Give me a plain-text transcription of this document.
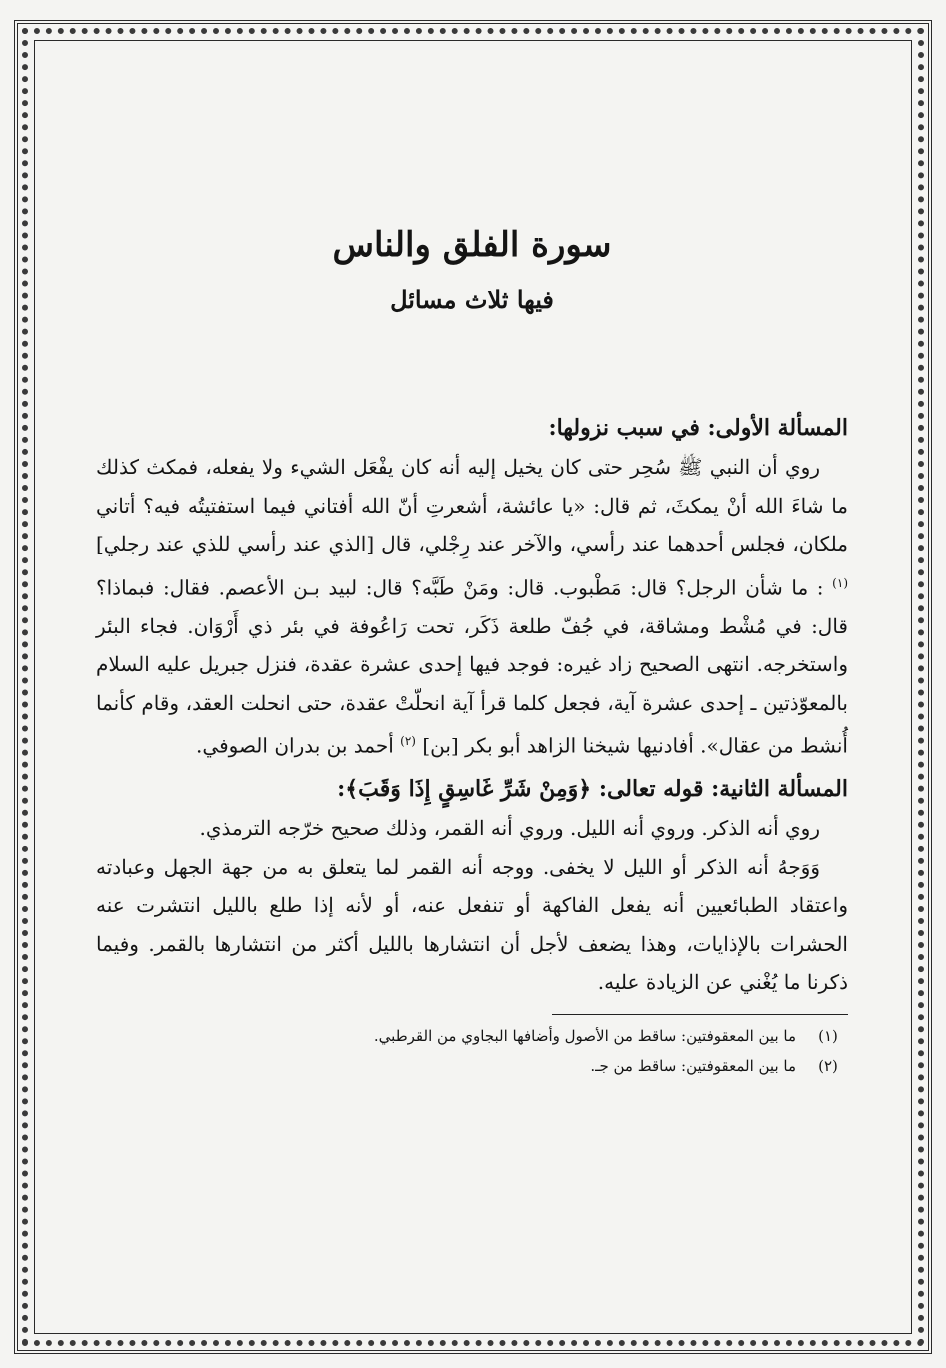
سورة الفلق والناس
فيها ثلاث مسائل
المسألة الأولى: في سبب نزولها:

روي أن النبي ﷺ سُحِر حتى كان يخيل إليه أنه كان يفْعَل الشيء ولا يفعله، فمكث كذلك ما شاءَ الله أنْ يمكثَ، ثم قال: «يا عائشة، أشعرتِ أنّ الله أفتاني فيما استفتيتُه فيه؟ أتاني ملكان، فجلس أحدهما عند رأسي، والآخر عند رِجْلي، قال [الذي عند رأسي للذي عند رجلي] $^{(١)}$ : ما شأن الرجل؟ قال: مَطْبوب. قال: ومَنْ طَبَّه؟ قال: لبيد بـن الأعصم. فقال: فبماذا؟ قال: في مُشْط ومشاقة، في جُفّ طلعة ذَكَر، تحت رَاعُوفة في بئر ذي أَرْوَان. فجاء البئر واستخرجه. انتهى الصحيح زاد غيره: فوجد فيها إحدى عشرة عقدة، فنزل جبريل عليه السلام بالمعوّذتين ـ إحدى عشرة آية، فجعل كلما قرأ آية انحلّتْ عقدة، حتى انحلت العقد، وقام كأنما أُنشط من عقال». أفادنيها شيخنا الزاهد أبو بكر [بن] $^{(٢)}$ أحمد بن بدران الصوفي.

المسألة الثانية: قوله تعالى: ﴿وَمِنْ شَرِّ غَاسِقٍ إِذَا وَقَبَ﴾:

روي أنه الذكر. وروي أنه الليل. وروي أنه القمر، وذلك صحيح خرّجه الترمذي.

وَوَجهُ أنه الذكر أو الليل لا يخفى. ووجه أنه القمر لما يتعلق به من جهة الجهل وعبادته واعتقاد الطبائعيين أنه يفعل الفاكهة أو تنفعل عنه، أو لأنه إذا طلع بالليل انتشرت عنه الحشرات بالإذايات، وهذا يضعف لأجل أن انتشارها بالليل أكثر من انتشارها بالقمر. وفيما ذكرنا ما يُغْني عن الزيادة عليه.

(١)
ما بين المعقوفتين: ساقط من الأصول وأضافها البجاوي من القرطبي.
(٢)
ما بين المعقوفتين: ساقط من جـ.
